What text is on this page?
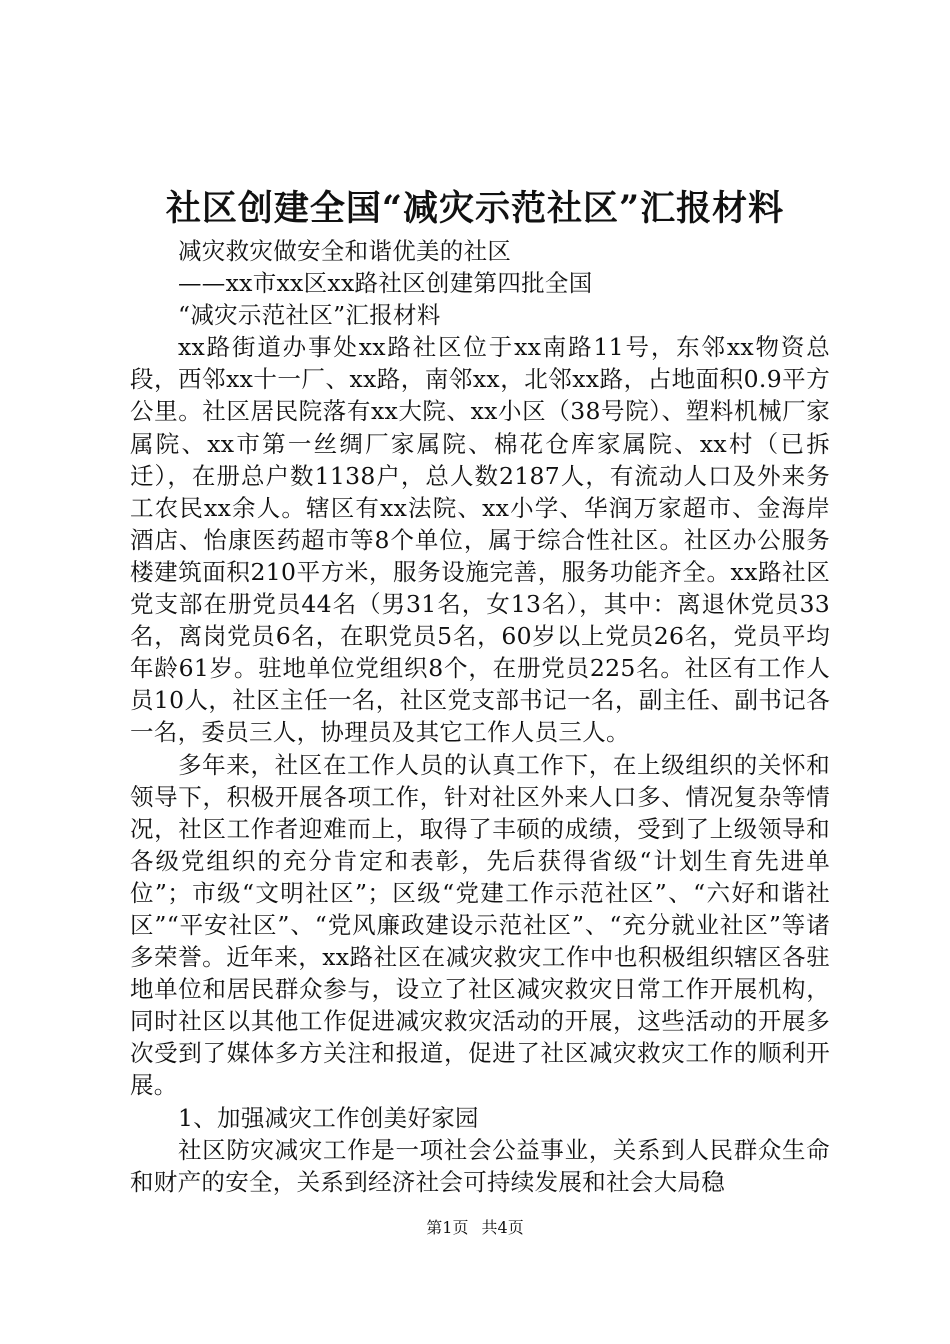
社区创建全国“减灾示范社区”汇报材料

减灾救灾做安全和谐优美的社区

——xx市xx区xx路社区创建第四批全国

“减灾示范社区”汇报材料

xx路街道办事处xx路社区位于xx南路11号，东邻xx物资总段，西邻xx十一厂、xx路，南邻xx，北邻xx路，占地面积0.9平方公里。社区居民院落有xx大院、xx小区（38号院）、塑料机械厂家属院、xx市第一丝绸厂家属院、棉花仓库家属院、xx村（已拆迁），在册总户数1138户，总人数2187人，有流动人口及外来务工农民xx余人。辖区有xx法院、xx小学、华润万家超市、金海岸酒店、怡康医药超市等8个单位，属于综合性社区。社区办公服务楼建筑面积210平方米，服务设施完善，服务功能齐全。xx路社区党支部在册党员44名（男31名，女13名），其中：离退休党员33名，离岗党员6名，在职党员5名，60岁以上党员26名，党员平均年龄61岁。驻地单位党组织8个，在册党员225名。社区有工作人员10人，社区主任一名，社区党支部书记一名，副主任、副书记各一名，委员三人，协理员及其它工作人员三人。

多年来，社区在工作人员的认真工作下，在上级组织的关怀和领导下，积极开展各项工作，针对社区外来人口多、情况复杂等情况，社区工作者迎难而上，取得了丰硕的成绩，受到了上级领导和各级党组织的充分肯定和表彰，先后获得省级“计划生育先进单位”；市级“文明社区”；区级“党建工作示范社区”、“六好和谐社区”“平安社区”、“党风廉政建设示范社区”、“充分就业社区”等诸多荣誉。近年来，xx路社区在减灾救灾工作中也积极组织辖区各驻地单位和居民群众参与，设立了社区减灾救灾日常工作开展机构，同时社区以其他工作促进减灾救灾活动的开展，这些活动的开展多次受到了媒体多方关注和报道，促进了社区减灾救灾工作的顺利开展。

1、加强减灾工作创美好家园

社区防灾减灾工作是一项社会公益事业，关系到人民群众生命和财产的安全，关系到经济社会可持续发展和社会大局稳

第1页 共4页
